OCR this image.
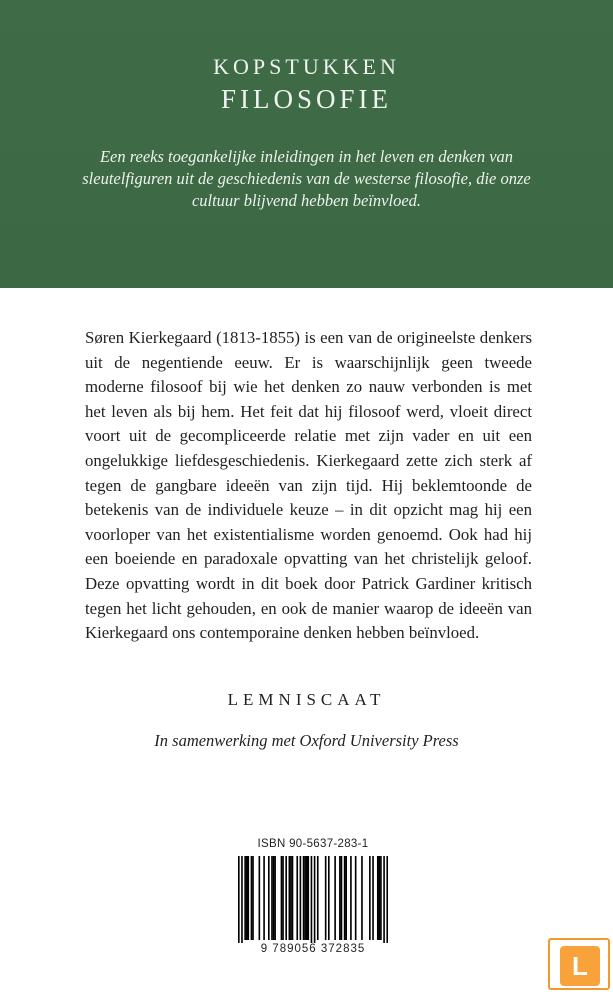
KOPSTUKKEN
FILOSOFIE
Een reeks toegankelijke inleidingen in het leven en denken van sleutelfiguren uit de geschiedenis van de westerse filosofie, die onze cultuur blijvend hebben beïnvloed.
Søren Kierkegaard (1813-1855) is een van de origineelste denkers uit de negentiende eeuw. Er is waarschijnlijk geen tweede moderne filosoof bij wie het denken zo nauw verbonden is met het leven als bij hem. Het feit dat hij filosoof werd, vloeit direct voort uit de gecompliceerde relatie met zijn vader en uit een ongelukkige liefdesgeschiedenis. Kierkegaard zette zich sterk af tegen de gangbare ideeën van zijn tijd. Hij beklemtoonde de betekenis van de individuele keuze – in dit opzicht mag hij een voorloper van het existentialisme worden genoemd. Ook had hij een boeiende en paradoxale opvatting van het christelijk geloof. Deze opvatting wordt in dit boek door Patrick Gardiner kritisch tegen het licht gehouden, en ook de manier waarop de ideeën van Kierkegaard ons contemporaine denken hebben beïnvloed.
LEMNISCAAT
In samenwerking met Oxford University Press
ISBN 90-5637-283-1
9 789056 372835
L
